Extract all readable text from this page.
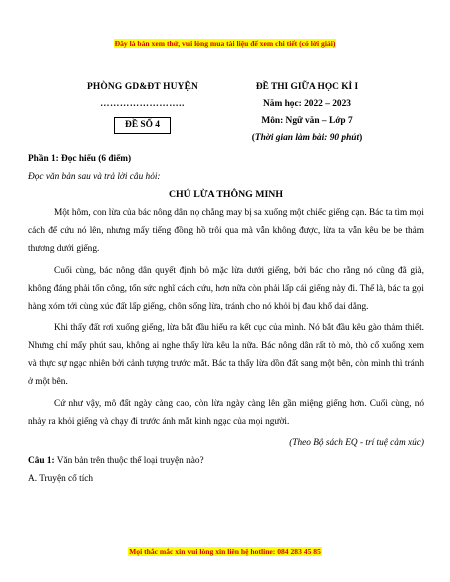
Đây là bản xem thử, vui lòng mua tài liệu để xem chi tiết (có lời giải)
PHÒNG GD&ĐT HUYỆN
……………………..
ĐỀ SỐ 4
ĐỀ THI GIỮA HỌC KÌ I
Năm học: 2022 – 2023
Môn: Ngữ văn – Lớp 7
(Thời gian làm bài: 90 phút)

Phần 1: Đọc hiểu (6 điểm)

Đọc văn bản sau và trả lời câu hỏi:

CHÚ LỪA THÔNG MINH

Một hôm, con lừa của bác nông dân nọ chẳng may bị sa xuống một chiếc giếng cạn. Bác ta tìm mọi cách để cứu nó lên, nhưng mấy tiếng đồng hồ trôi qua mà vẫn không được, lừa ta vẫn kêu be be thảm thương dưới giếng.

Cuối cùng, bác nông dân quyết định bỏ mặc lừa dưới giếng, bởi bác cho rằng nó cũng đã già, không đáng phải tốn công, tốn sức nghĩ cách cứu, hơn nữa còn phải lấp cái giếng này đi. Thế là, bác ta gọi hàng xóm tới cùng xúc đất lấp giếng, chôn sống lừa, tránh cho nó khỏi bị đau khổ dai dẳng.

Khi thấy đất rơi xuống giếng, lừa bắt đầu hiểu ra kết cục của mình. Nó bắt đầu kêu gào thảm thiết. Nhưng chỉ mấy phút sau, không ai nghe thấy lừa kêu la nữa. Bác nông dân rất tò mò, thò cổ xuống xem và thực sự ngạc nhiên bởi cảnh tượng trước mắt. Bác ta thấy lừa dồn đất sang một bên, còn mình thì tránh ở một bên.

Cứ như vậy, mô đất ngày càng cao, còn lừa ngày càng lên gần miệng giếng hơn. Cuối cùng, nó nhảy ra khỏi giếng và chạy đi trước ánh mắt kinh ngạc của mọi người.

(Theo Bộ sách EQ - trí tuệ cảm xúc)

Câu 1: Văn bản trên thuộc thể loại truyện nào?

A. Truyện cổ tích

Mọi thắc mắc xin vui lòng xin liên hệ hotline: 084 283 45 85
